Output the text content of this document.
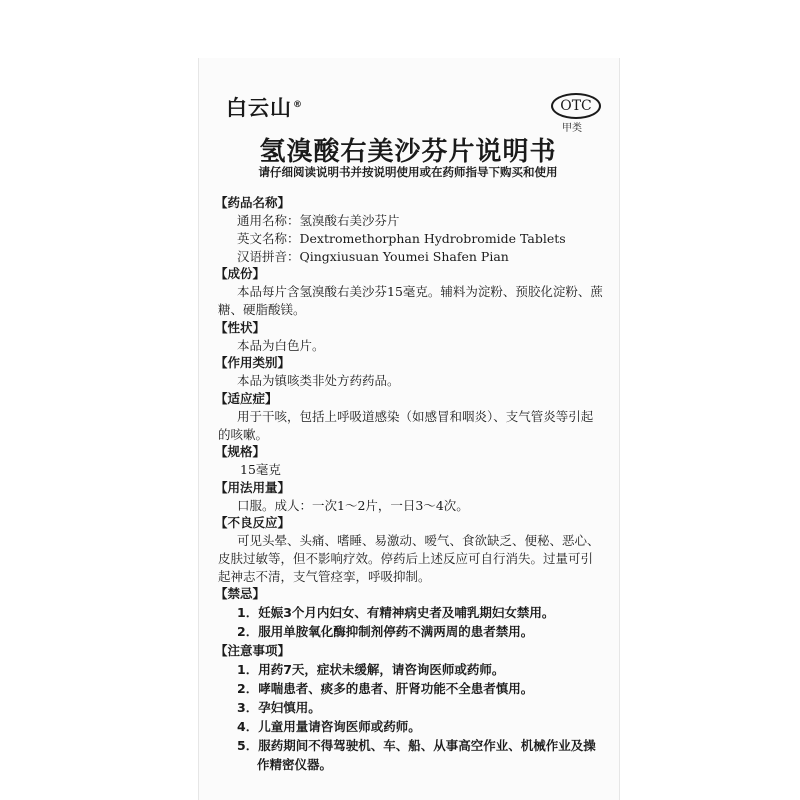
白云山®	OTC
甲类
氢溴酸右美沙芬片说明书
请仔细阅读说明书并按说明使用或在药师指导下购买和使用
【药品名称】
通用名称：氢溴酸右美沙芬片
英文名称：Dextromethorphan Hydrobromide Tablets
汉语拼音：Qingxiusuan Youmei Shafen Pian
【成份】
本品每片含氢溴酸右美沙芬15毫克。辅料为淀粉、预胶化淀粉、蔗
糖、硬脂酸镁。
【性状】
本品为白色片。
【作用类别】
本品为镇咳类非处方药药品。
【适应症】
用于干咳，包括上呼吸道感染（如感冒和咽炎）、支气管炎等引起
的咳嗽。
【规格】
15毫克
【用法用量】
口服。成人：一次1～2片，一日3～4次。
【不良反应】
可见头晕、头痛、嗜睡、易激动、嗳气、食欲缺乏、便秘、恶心、
皮肤过敏等，但不影响疗效。停药后上述反应可自行消失。过量可引
起神志不清，支气管痉挛，呼吸抑制。
【禁忌】
1．妊娠3个月内妇女、有精神病史者及哺乳期妇女禁用。
2．服用单胺氧化酶抑制剂停药不满两周的患者禁用。
【注意事项】
1．用药7天，症状未缓解，请咨询医师或药师。
2．哮喘患者、痰多的患者、肝肾功能不全患者慎用。
3．孕妇慎用。
4．儿童用量请咨询医师或药师。
5．服药期间不得驾驶机、车、船、从事高空作业、机械作业及操
作精密仪器。
